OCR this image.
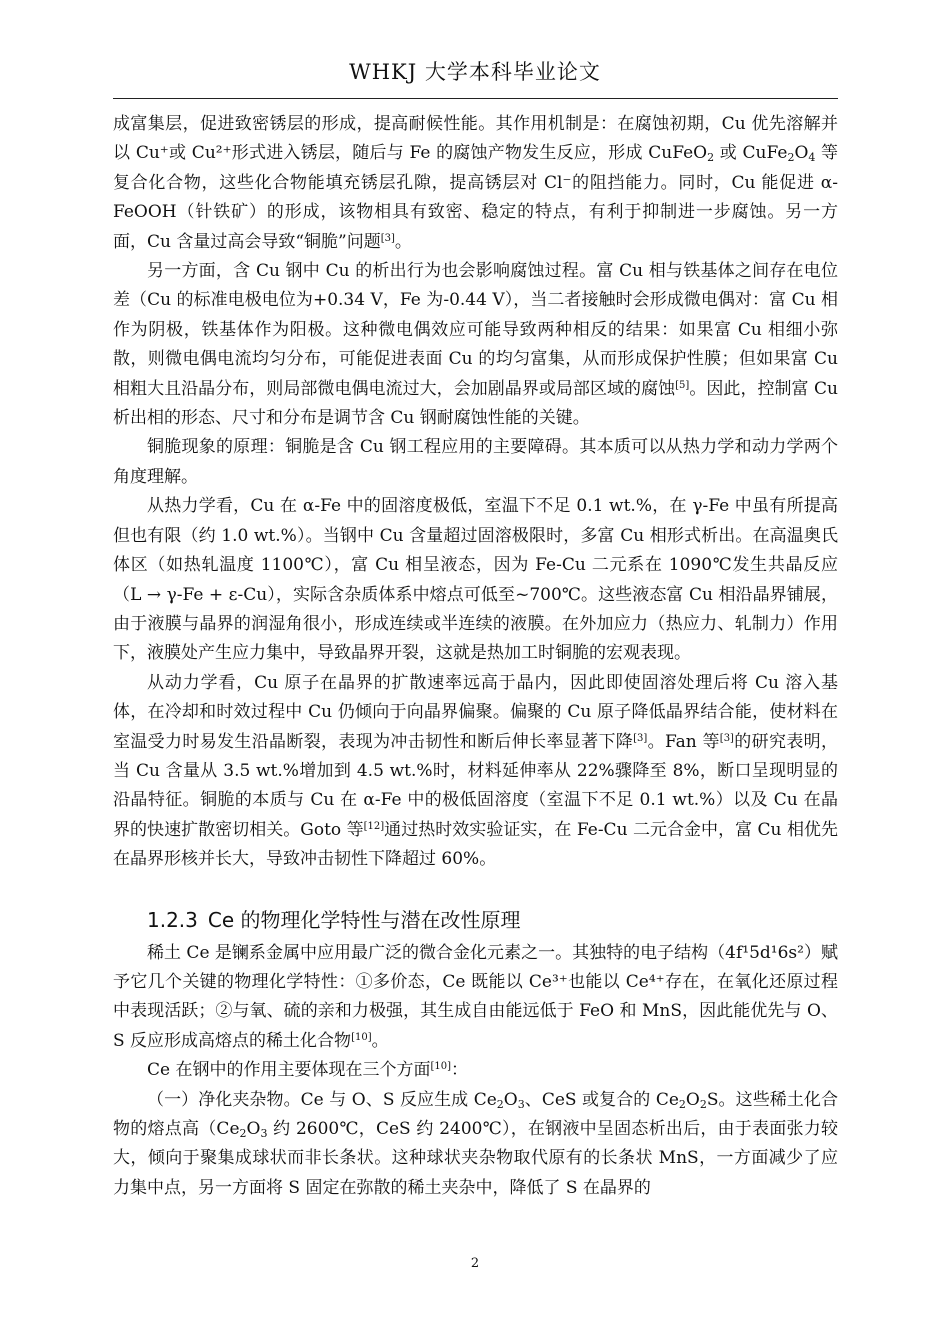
WHKJ 大学本科毕业论文

成富集层，促进致密锈层的形成，提高耐候性能。其作用机制是：在腐蚀初期，Cu 优先溶解并以 Cu⁺或 Cu²⁺形式进入锈层，随后与 Fe 的腐蚀产物发生反应，形成 CuFeO$_2$ 或 $CuFe_2O_4$ 等复合化合物，这些化合物能填充锈层孔隙，提高锈层对 Cl⁻的阻挡能力。同时，Cu 能促进 α-FeOOH（针铁矿）的形成，该物相具有致密、稳定的特点，有利于抑制进一步腐蚀。另一方面，Cu 含量过高会导致“铜脆”问题[3]。

另一方面，含 Cu 钢中 Cu 的析出行为也会影响腐蚀过程。富 Cu 相与铁基体之间存在电位差（Cu 的标准电极电位为+0.34 V，Fe 为-0.44 V），当二者接触时会形成微电偶对：富 Cu 相作为阴极，铁基体作为阳极。这种微电偶效应可能导致两种相反的结果：如果富 Cu 相细小弥散，则微电偶电流均匀分布，可能促进表面 Cu 的均匀富集，从而形成保护性膜；但如果富 Cu 相粗大且沿晶分布，则局部微电偶电流过大，会加剧晶界或局部区域的腐蚀[5]。因此，控制富 Cu 析出相的形态、尺寸和分布是调节含 Cu 钢耐腐蚀性能的关键。

铜脆现象的原理：铜脆是含 Cu 钢工程应用的主要障碍。其本质可以从热力学和动力学两个角度理解。

从热力学看，Cu 在 α-Fe 中的固溶度极低，室温下不足 0.1 wt.%，在 γ-Fe 中虽有所提高但也有限（约 1.0 wt.%）。当钢中 Cu 含量超过固溶极限时，多富 Cu 相形式析出。在高温奥氏体区（如热轧温度 1100℃），富 Cu 相呈液态，因为 Fe-Cu 二元系在 1090℃发生共晶反应（L → γ-Fe + ε-Cu），实际含杂质体系中熔点可低至~700℃。这些液态富 Cu 相沿晶界铺展，由于液膜与晶界的润湿角很小，形成连续或半连续的液膜。在外加应力（热应力、轧制力）作用下，液膜处产生应力集中，导致晶界开裂，这就是热加工时铜脆的宏观表现。

从动力学看，Cu 原子在晶界的扩散速率远高于晶内，因此即使固溶处理后将 Cu 溶入基体，在冷却和时效过程中 Cu 仍倾向于向晶界偏聚。偏聚的 Cu 原子降低晶界结合能，使材料在室温受力时易发生沿晶断裂，表现为冲击韧性和断后伸长率显著下降[3]。Fan 等[3]的研究表明，当 Cu 含量从 3.5 wt.%增加到 4.5 wt.%时，材料延伸率从 22%骤降至 8%，断口呈现明显的沿晶特征。铜脆的本质与 Cu 在 α-Fe 中的极低固溶度（室温下不足 0.1 wt.%）以及 Cu 在晶界的快速扩散密切相关。Goto 等[12]通过热时效实验证实，在 Fe-Cu 二元合金中，富 Cu 相优先在晶界形核并长大，导致冲击韧性下降超过 60%。

1.2.3 Ce 的物理化学特性与潜在改性原理

稀土 Ce 是镧系金属中应用最广泛的微合金化元素之一。其独特的电子结构（4f¹5d¹6s²）赋予它几个关键的物理化学特性：①多价态，Ce 既能以 Ce³⁺也能以 Ce⁴⁺存在，在氧化还原过程中表现活跃；②与氧、硫的亲和力极强，其生成自由能远低于 FeO 和 MnS，因此能优先与 O、S 反应形成高熔点的稀土化合物[10]。

Ce 在钢中的作用主要体现在三个方面[10]：

（一）净化夹杂物。Ce 与 O、S 反应生成 $Ce_2O_3$、CeS 或复合的 $Ce_2O_2S$。这些稀土化合物的熔点高（$Ce_2O_3$ 约 2600℃，CeS 约 2400℃），在钢液中呈固态析出后，由于表面张力较大，倾向于聚集成球状而非长条状。这种球状夹杂物取代原有的长条状 MnS，一方面减少了应力集中点，另一方面将 S 固定在弥散的稀土夹杂中，降低了 S 在晶界的

2
